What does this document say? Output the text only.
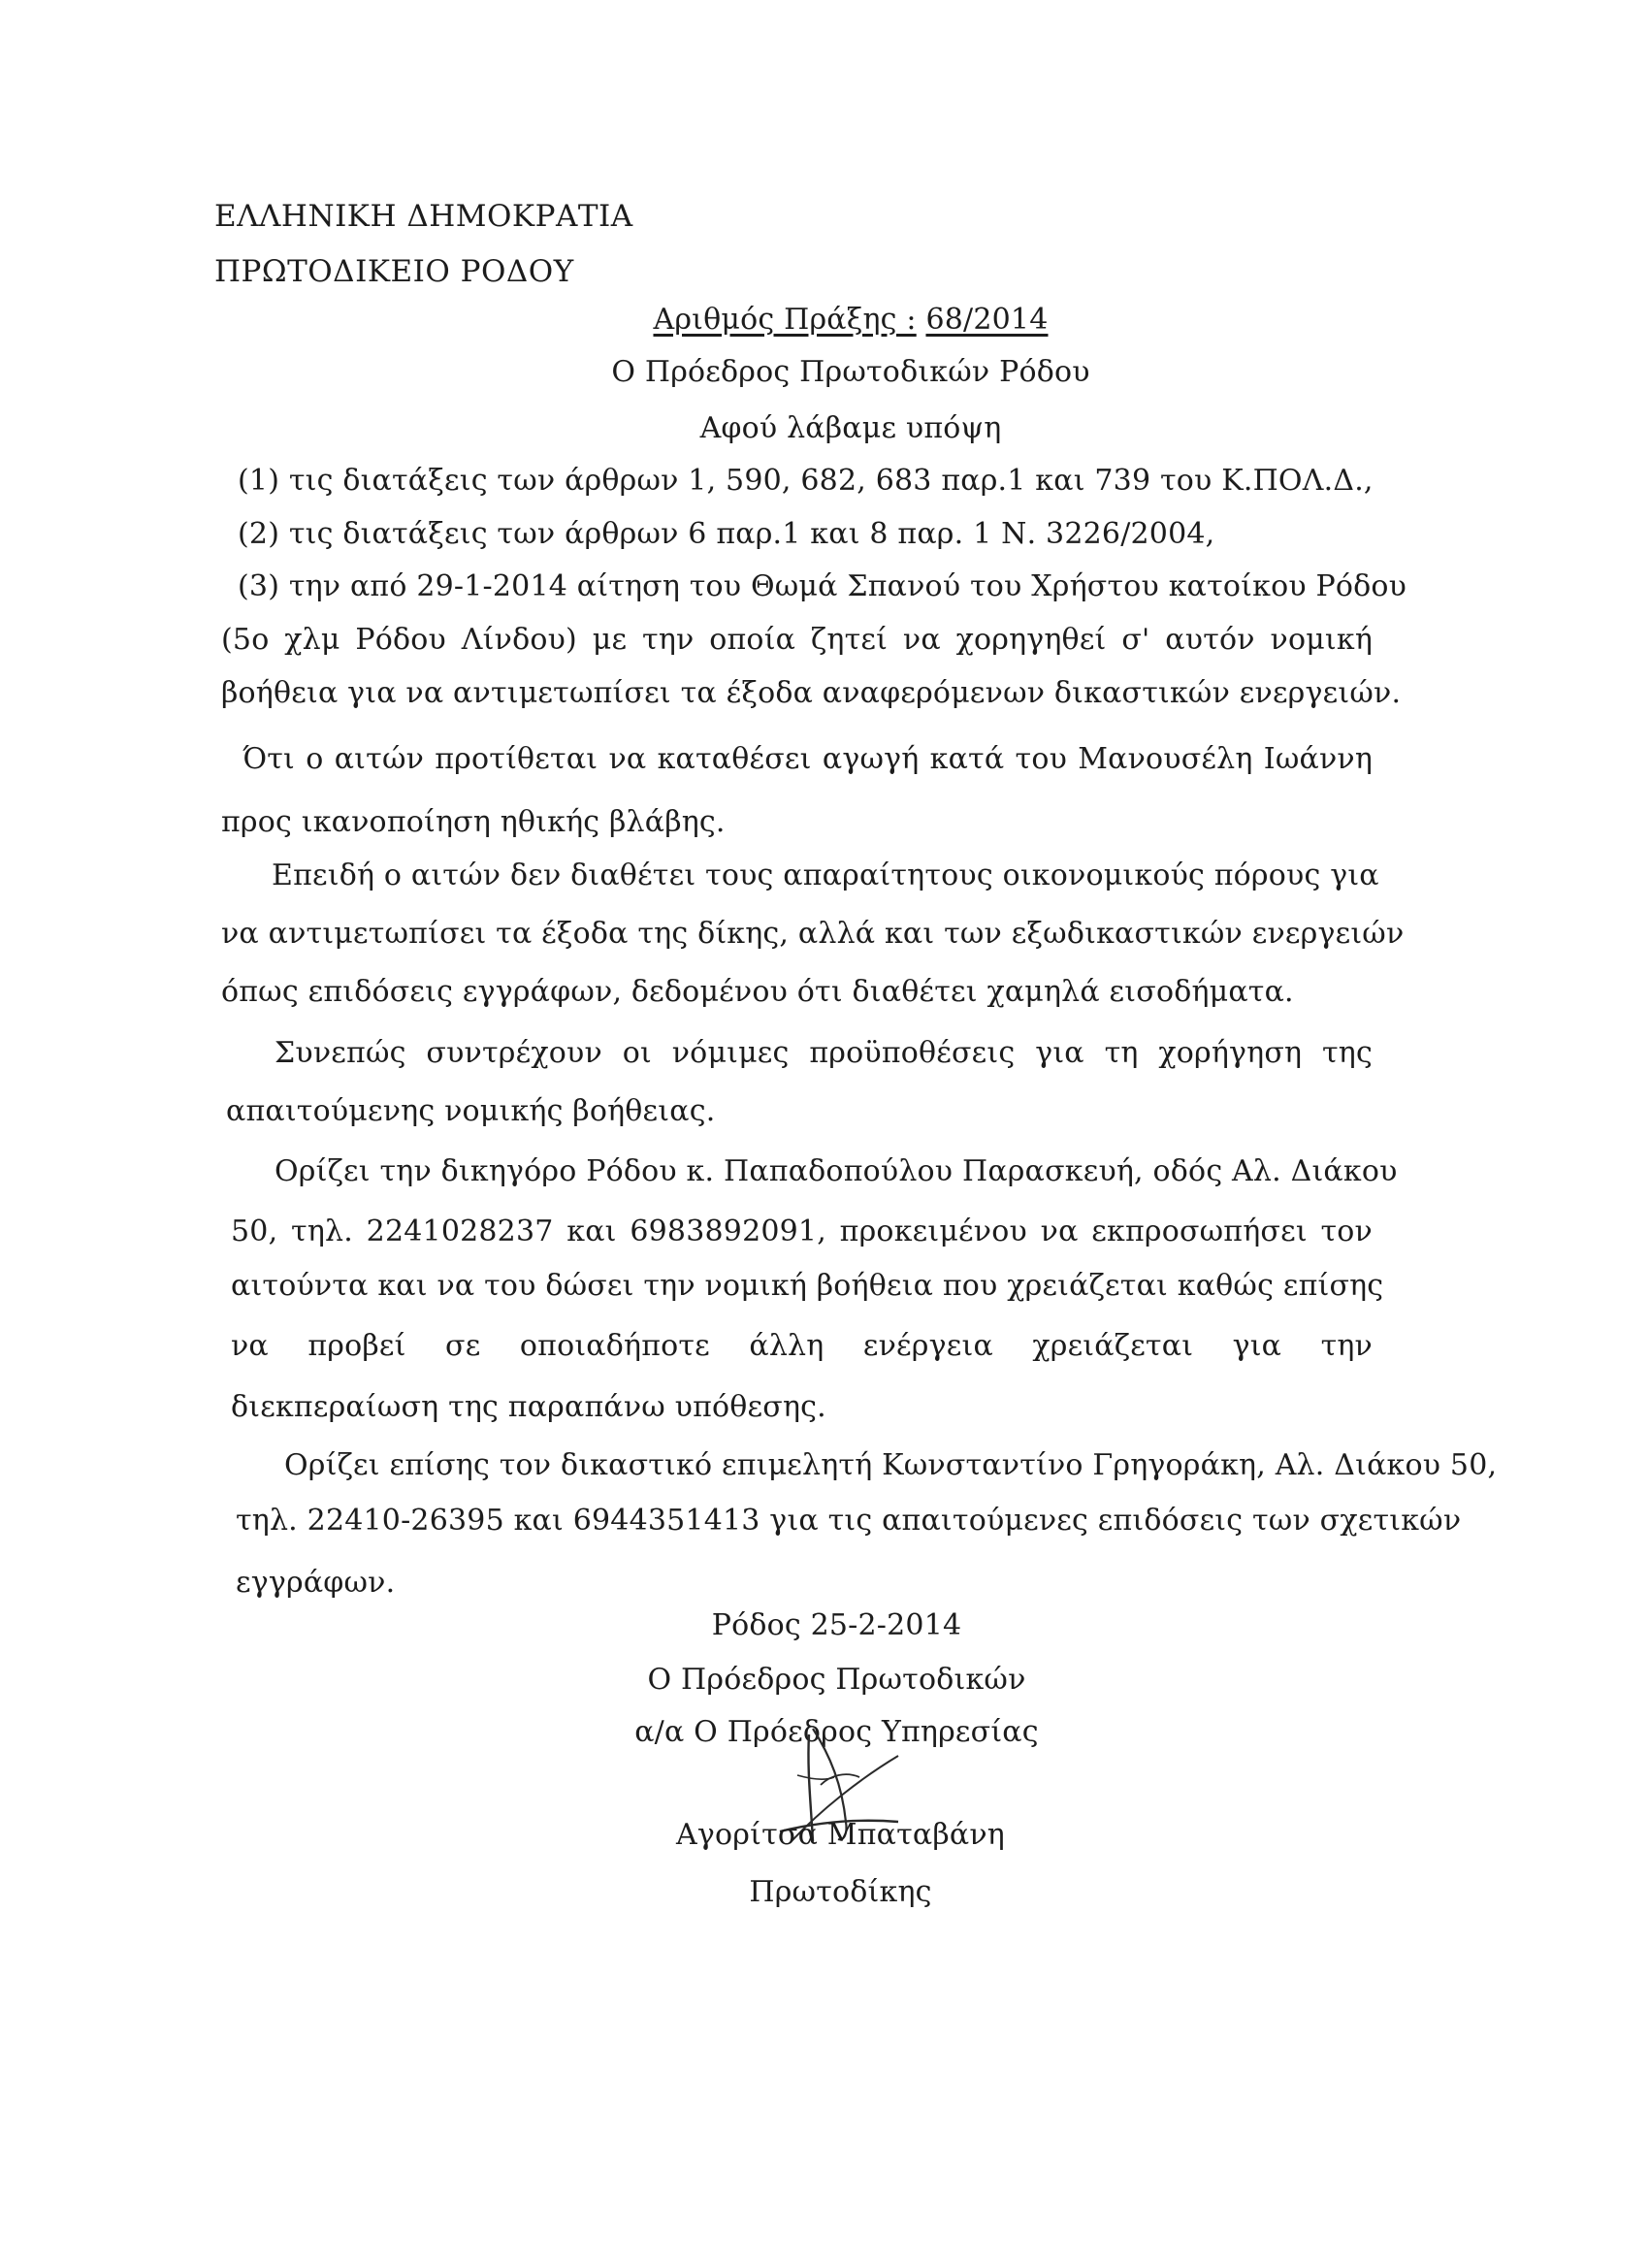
ΕΛΛΗΝΙΚΗ ΔΗΜΟΚΡΑΤΙΑ
ΠΡΩΤΟΔΙΚΕΙΟ ΡΟΔΟΥ
Αριθμός Πράξης : 68/2014
Ο Πρόεδρος Πρωτοδικών Ρόδου
Αφού λάβαμε υπόψη
(1) τις διατάξεις των άρθρων 1, 590, 682, 683 παρ.1 και 739 του Κ.ΠΟΛ.Δ.,
(2) τις διατάξεις των άρθρων 6 παρ.1 και 8 παρ. 1 Ν. 3226/2004,
(3) την από 29-1-2014 αίτηση του Θωμά Σπανού του Χρήστου κατοίκου Ρόδου
(5ο χλμ Ρόδου Λίνδου) με την οποία ζητεί να χορηγηθεί σ' αυτόν νομική
βοήθεια για να αντιμετωπίσει τα έξοδα αναφερόμενων δικαστικών ενεργειών.
Ότι ο αιτών προτίθεται να καταθέσει αγωγή κατά του Μανουσέλη Ιωάννη
προς ικανοποίηση ηθικής βλάβης.
Επειδή ο αιτών δεν διαθέτει τους απαραίτητους οικονομικούς πόρους για
να αντιμετωπίσει τα έξοδα της δίκης, αλλά και των εξωδικαστικών ενεργειών
όπως επιδόσεις εγγράφων, δεδομένου ότι διαθέτει χαμηλά εισοδήματα.
Συνεπώς συντρέχουν οι νόμιμες προϋποθέσεις για τη χορήγηση της
απαιτούμενης νομικής βοήθειας.
Ορίζει την δικηγόρο Ρόδου κ. Παπαδοπούλου Παρασκευή, οδός Αλ. Διάκου
50, τηλ. 2241028237 και 6983892091, προκειμένου να εκπροσωπήσει τον
αιτούντα και να του δώσει την νομική βοήθεια που χρειάζεται καθώς επίσης
να προβεί σε οποιαδήποτε άλλη ενέργεια χρειάζεται για την
διεκπεραίωση της παραπάνω υπόθεσης.
Ορίζει επίσης τον δικαστικό επιμελητή Κωνσταντίνο Γρηγοράκη, Αλ. Διάκου 50,
τηλ. 22410-26395 και 6944351413 για τις απαιτούμενες επιδόσεις των σχετικών
εγγράφων.
Ρόδος 25-2-2014
Ο Πρόεδρος Πρωτοδικών
α/α Ο Πρόεδρος Υπηρεσίας
Αγορίτσα Μπαταβάνη
Πρωτοδίκης
